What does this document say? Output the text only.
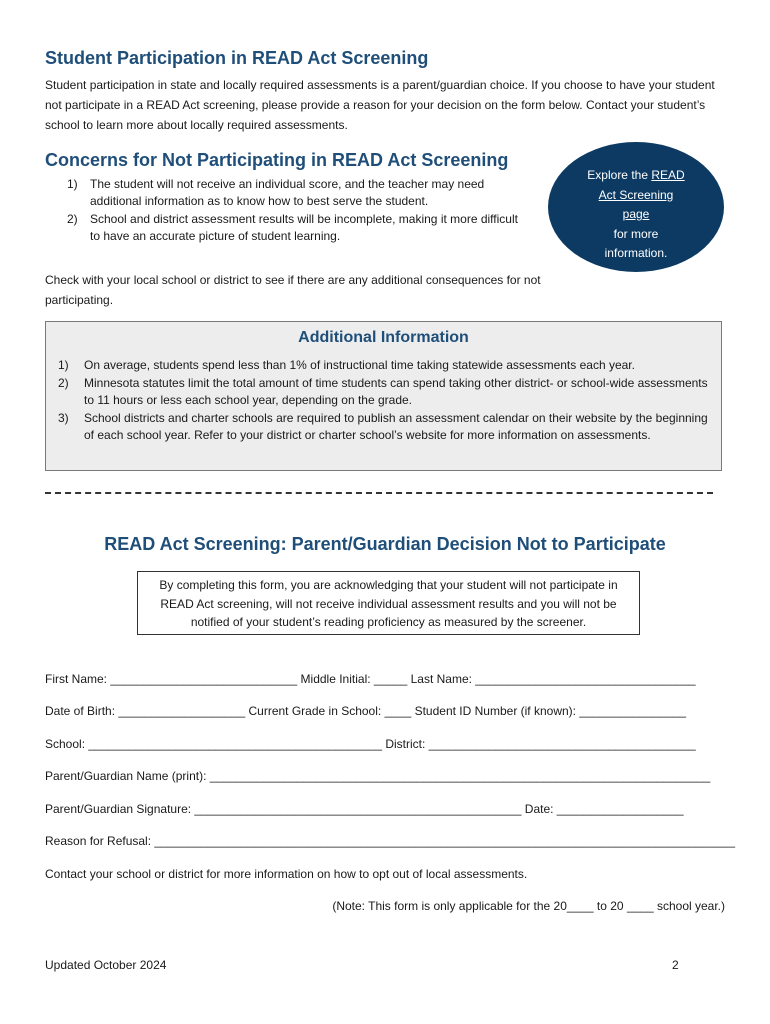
Student Participation in READ Act Screening
Student participation in state and locally required assessments is a parent/guardian choice. If you choose to have your student not participate in a READ Act screening, please provide a reason for your decision on the form below. Contact your student’s school to learn more about locally required assessments.
Concerns for Not Participating in READ Act Screening
1) The student will not receive an individual score, and the teacher may need additional information as to know how to best serve the student.
2) School and district assessment results will be incomplete, making it more difficult to have an accurate picture of student learning.
Check with your local school or district to see if there are any additional consequences for not participating.
Explore the READ
Act Screening
page
for more
information.
Additional Information
1) On average, students spend less than 1% of instructional time taking statewide assessments each year.
2) Minnesota statutes limit the total amount of time students can spend taking other district- or school-wide assessments to 11 hours or less each school year, depending on the grade.
3) School districts and charter schools are required to publish an assessment calendar on their website by the beginning of each school year. Refer to your district or charter school’s website for more information on assessments.
READ Act Screening: Parent/Guardian Decision Not to Participate
By completing this form, you are acknowledging that your student will not participate in READ Act screening, will not receive individual assessment results and you will not be notified of your student’s reading proficiency as measured by the screener.
First Name: ____________________________ Middle Initial: _____ Last Name: _________________________________
Date of Birth: ___________________ Current Grade in School: ____ Student ID Number (if known): ________________
School: ____________________________________________ District: ________________________________________
Parent/Guardian Name (print): ___________________________________________________________________________
Parent/Guardian Signature: _________________________________________________ Date: ___________________
Reason for Refusal: _______________________________________________________________________________________
Contact your school or district for more information on how to opt out of local assessments.
(Note: This form is only applicable for the 20____ to 20 ____ school year.)
Updated October 2024	2
